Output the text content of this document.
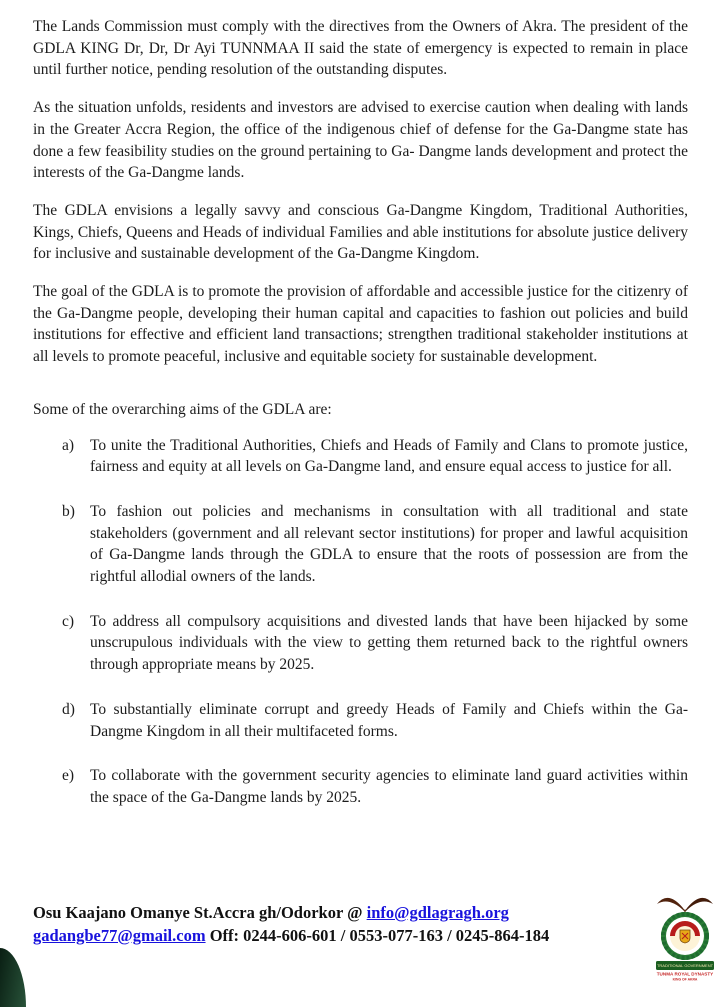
The Lands Commission must comply with the directives from the Owners of Akra. The president of the GDLA KING Dr, Dr, Dr Ayi TUNNMAA II said the state of emergency is expected to remain in place until further notice, pending resolution of the outstanding disputes.

As the situation unfolds, residents and investors are advised to exercise caution when dealing with lands in the Greater Accra Region, the office of the indigenous chief of defense for the Ga-Dangme state has done a few feasibility studies on the ground pertaining to Ga- Dangme lands development and protect the interests of the Ga-Dangme lands.

The GDLA envisions a legally savvy and conscious Ga-Dangme Kingdom, Traditional Authorities, Kings, Chiefs, Queens and Heads of individual Families and able institutions for absolute justice delivery for inclusive and sustainable development of the Ga-Dangme Kingdom.

The goal of the GDLA is to promote the provision of affordable and accessible justice for the citizenry of the Ga-Dangme people, developing their human capital and capacities to fashion out policies and build institutions for effective and efficient land transactions; strengthen traditional stakeholder institutions at all levels to promote peaceful, inclusive and equitable society for sustainable development.

Some of the overarching aims of the GDLA are:
a)	To unite the Traditional Authorities, Chiefs and Heads of Family and Clans to promote justice, fairness and equity at all levels on Ga-Dangme land, and ensure equal access to justice for all.
b) To fashion out policies and mechanisms in consultation with all traditional and state stakeholders (government and all relevant sector institutions) for proper and lawful acquisition of Ga-Dangme lands through the GDLA to ensure that the roots of possession are from the rightful allodial owners of the lands.
c)	To address all compulsory acquisitions and divested lands that have been hijacked by some unscrupulous individuals with the view to getting them returned back to the rightful owners through appropriate means by 2025.
d) To substantially eliminate corrupt and greedy Heads of Family and Chiefs within the Ga-Dangme Kingdom in all their multifaceted forms.
e)	To collaborate with the government security agencies to eliminate land guard activities within the space of the Ga-Dangme lands by 2025.
Osu Kaajano Omanye St.Accra gh/Odorkor @ info@gdlagragh.org
gadangbe77@gmail.com Off: 0244-606-601 / 0553-077-163 / 0245-864-184
TRADITIONAL GOVERNMENT
TUNMA ROYAL DYNASTY
KING OF AKRA
